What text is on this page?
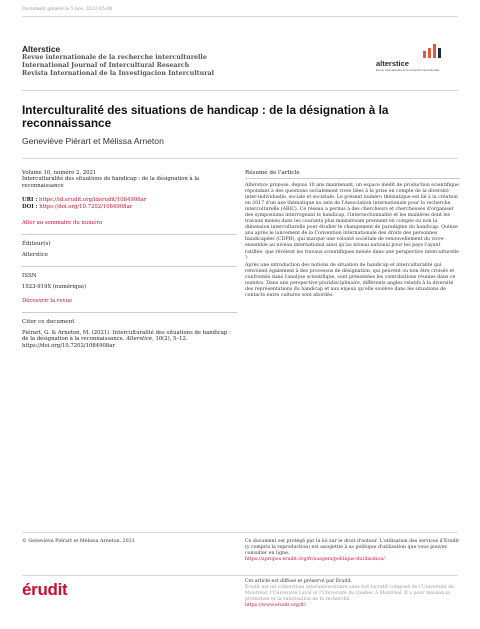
Document généré le 5 nov. 2022 05:08
Alterstice
Revue internationale de la recherche interculturelle
International Journal of Intercultural Research
Revista International de la Investigacion Intercultural
alterstice
Revue internationale de la recherche interculturelle
Interculturalité des situations de handicap : de la désignation à la reconnaissance
Geneviève Piérart et Mélissa Arneton
Volume 10, numéro 2, 2021
Interculturalité des situations de handicap : de la désignation à la reconnaissance
URI : https://id.erudit.org/iderudit/1084908ar
DOI : https://doi.org/10.7202/1084908ar
Aller au sommaire du numéro
Éditeur(s)
Alterstice
ISSN
1923-919X (numérique)
Découvrir la revue
Citer ce document
Piérart, G. & Arneton, M. (2021). Interculturalité des situations de handicap : de la désignation à la reconnaissance. Alterstice, 10(2), 5–12.
https://doi.org/10.7202/1084908ar
Résumé de l'article

Alterstice propose, depuis 10 ans maintenant, un espace inédit de production scientifique répondant à des questions socialement vives liées à la prise en compte de la diversité inter-individuelle, sociale et sociétale. Le présent numéro thématique est lié à la création en 2017 d'un axe thématique au sein de l'Association internationale pour la recherche interculturelle (ARIC). Ce réseau a permis à des chercheurs et chercheuses d'organiser des symposiums interrogeant le handicap, l'intersectionnalité et les manières dont les travaux menés dans les courants plus mainstream prennent en compte ou non la dimension interculturelle pour étudier le changement de paradigme du handicap. Quinze ans après le lancement de la Convention internationale des droits des personnes handicapées (CDPH), qui marque une volonté sociétale de renouvellement du vivre-ensemble au niveau international ainsi qu'au niveau national pour les pays l'ayant ratifiée, que révèlent les travaux scientifiques menés dans une perspective interculturelle ?

Après une introduction des notions de situation de handicap et interculturalité qui renvoient également à des processus de désignation, qui peuvent ou non être croisés et confrontés dans l'analyse scientifique, sont présentées les contributions réunies dans ce numéro. Dans une perspective pluridisciplinaire, différents angles relatifs à la diversité des représentations du handicap et aux enjeux qu'elle soulève dans les situations de contacts entre cultures sont abordés.

© Geneviève Piérart et Mélissa Arneton, 2021	Ce document est protégé par la loi sur le droit d'auteur. L'utilisation des services d'Érudit (y compris la reproduction) est assujettie à sa politique d'utilisation que vous pouvez consulter en ligne.
https://apropos.erudit.org/fr/usagers/politique-dutilisation/
érudit	Cet article est diffusé et préservé par Érudit.
Érudit est un consortium interuniversitaire sans but lucratif composé de l'Université de Montréal, l'Université Laval et l'Université du Québec à Montréal. Il a pour mission la promotion et la valorisation de la recherche.
https://www.erudit.org/fr/
